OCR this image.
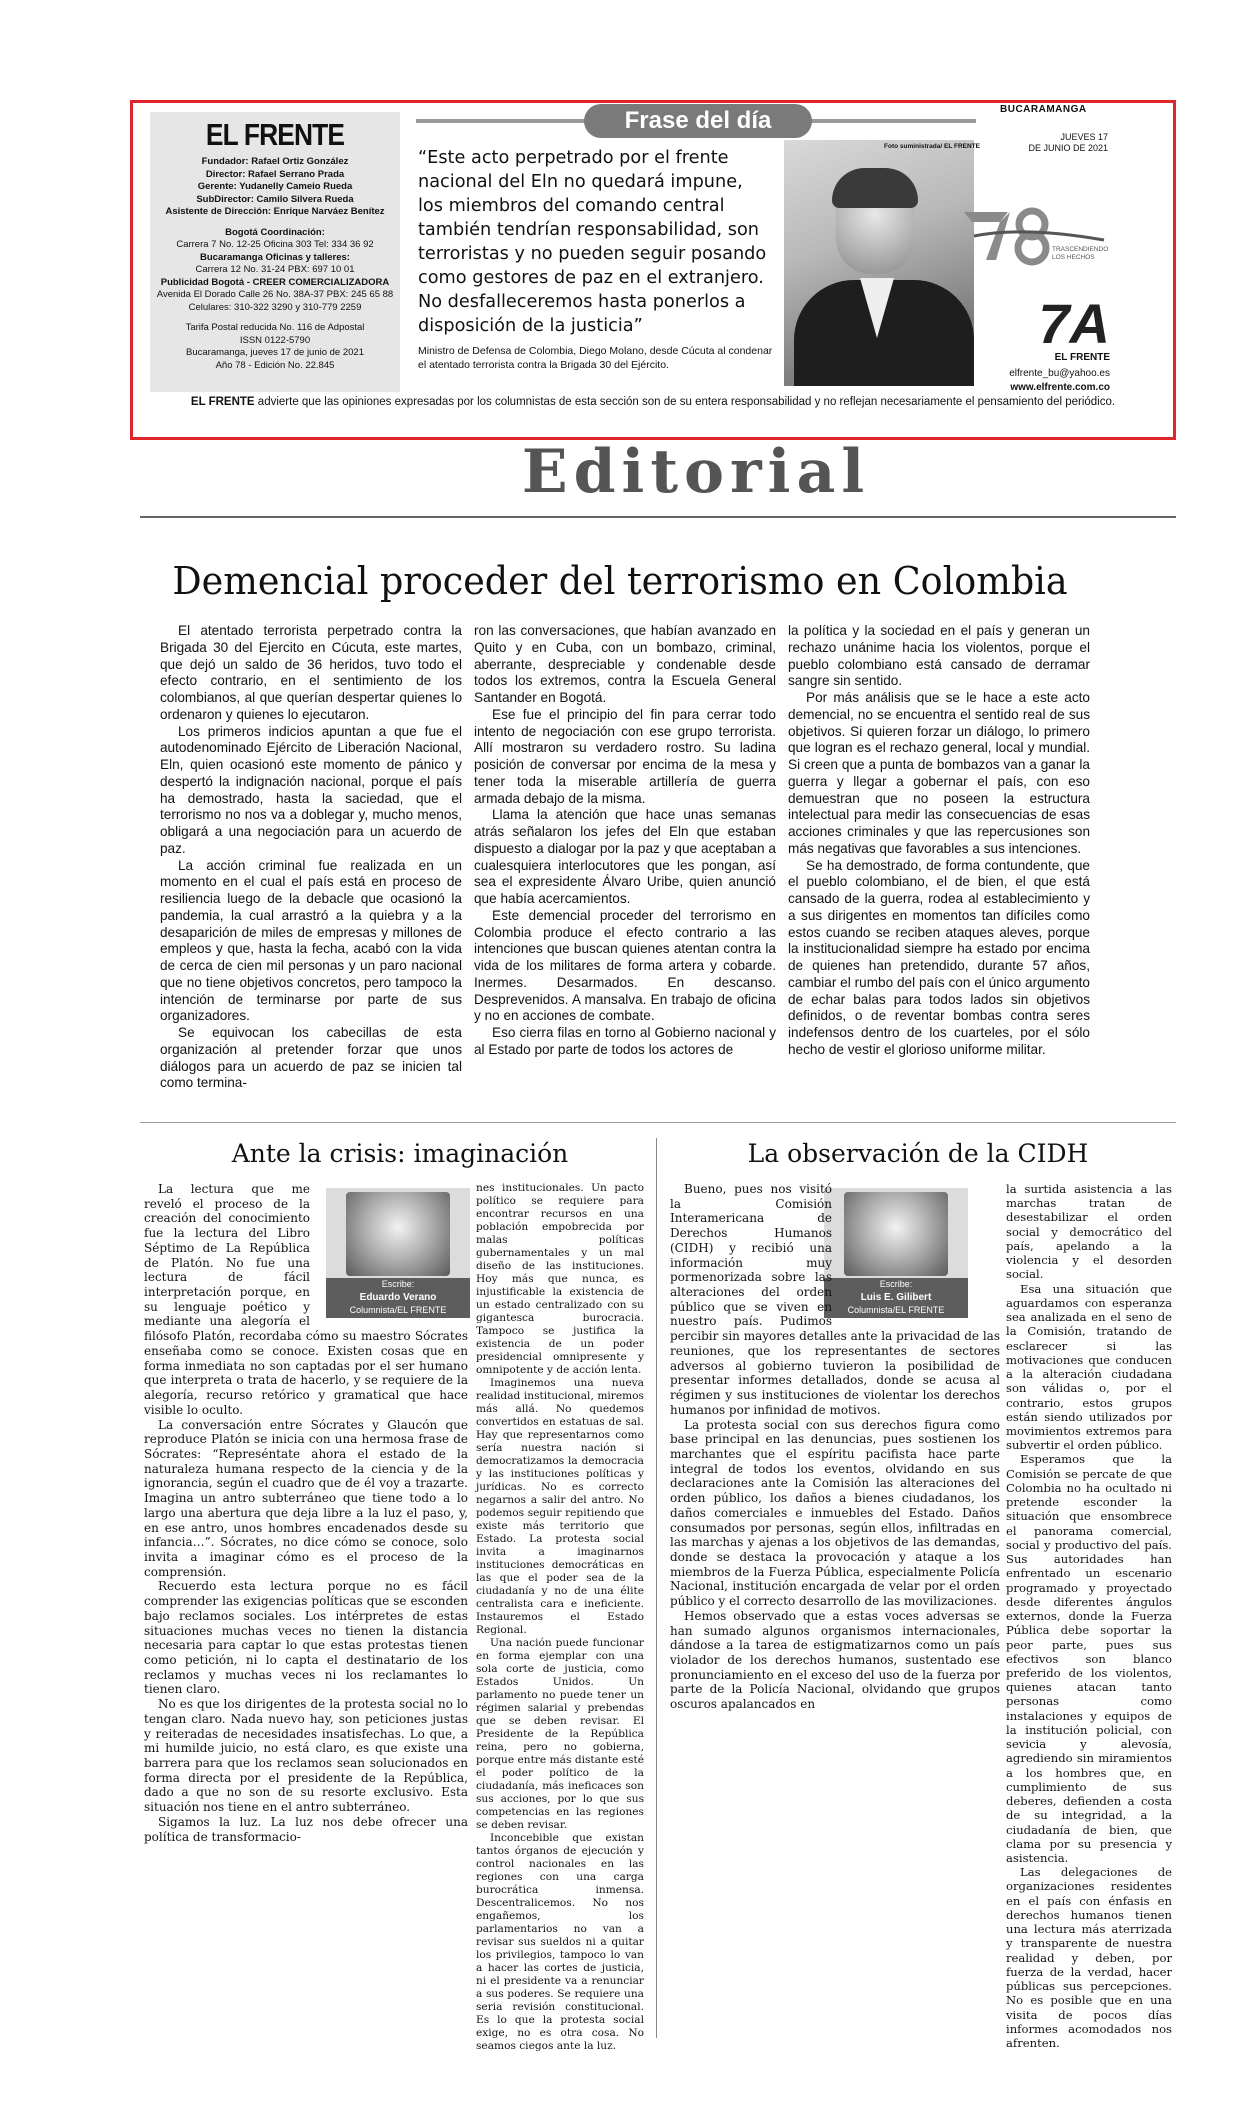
EL FRENTE
Fundador: Rafael Ortiz González
Director: Rafael Serrano Prada
Gerente: Yudanelly Cameio Rueda
SubDirector: Camilo Silvera Rueda
Asistente de Dirección: Enrique Narváez Benítez
Bogotá Coordinación:
Carrera 7 No. 12-25 Oficina 303 Tel: 334 36 92
Bucaramanga Oficinas y talleres:
Carrera 12 No. 31-24 PBX: 697 10 01
Publicidad Bogotá - CREER COMERCIALIZADORA
Avenida El Dorado Calle 26 No. 38A-37 PBX: 245 65 88
Celulares: 310-322 3290 y 310-779 2259
Tarifa Postal reducida No. 116 de Adpostal
ISSN 0122-5790
Bucaramanga, jueves 17 de junio de 2021
Año 78 - Edición No. 22.845
Frase del día
“Este acto perpetrado por el frente nacional del Eln no quedará impune, los miembros del comando central también tendrían responsabilidad, son terroristas y no pueden seguir posando como gestores de paz en el extranjero. No desfalleceremos hasta ponerlos a disposición de la justicia”
Ministro de Defensa de Colombia, Diego Molano, desde Cúcuta al condenar el atentado terrorista contra la Brigada 30 del Ejército.
Foto suministrada/ EL FRENTE
BUCARAMANGA
JUEVES 17
DE JUNIO DE 2021
TRASCENDIENDO LOS HECHOS
7A
EL FRENTE
elfrente_bu@yahoo.es
www.elfrente.com.co
EL FRENTE advierte que las opiniones expresadas por los columnistas de esta sección son de su entera responsabilidad y no reflejan necesariamente el pensamiento del periódico.
Editorial
Demencial proceder del terrorismo en Colombia

El atentado terrorista perpetrado contra la Brigada 30 del Ejercito en Cúcuta, este martes, que dejó un saldo de 36 heridos, tuvo todo el efecto contrario, en el sentimiento de los colombianos, al que querían despertar quienes lo ordenaron y quienes lo ejecutaron.

Los primeros indicios apuntan a que fue el autodenominado Ejército de Liberación Nacional, Eln, quien ocasionó este momento de pánico y despertó la indignación nacional, porque el país ha demostrado, hasta la saciedad, que el terrorismo no nos va a doblegar y, mucho menos, obligará a una negociación para un acuerdo de paz.

La acción criminal fue realizada en un momento en el cual el país está en proceso de resiliencia luego de la debacle que ocasionó la pandemia, la cual arrastró a la quiebra y a la desaparición de miles de empresas y millones de empleos y que, hasta la fecha, acabó con la vida de cerca de cien mil personas y un paro nacional que no tiene objetivos concretos, pero tampoco la intención de terminarse por parte de sus organizadores.

Se equivocan los cabecillas de esta organización al pretender forzar que unos diálogos para un acuerdo de paz se inicien tal como termina-

ron las conversaciones, que habían avanzado en Quito y en Cuba, con un bombazo, criminal, aberrante, despreciable y condenable desde todos los extremos, contra la Escuela General Santander en Bogotá.

Ese fue el principio del fin para cerrar todo intento de negociación con ese grupo terrorista. Allí mostraron su verdadero rostro. Su ladina posición de conversar por encima de la mesa y tener toda la miserable artillería de guerra armada debajo de la misma.

Llama la atención que hace unas semanas atrás señalaron los jefes del Eln que estaban dispuesto a dialogar por la paz y que aceptaban a cualesquiera interlocutores que les pongan, así sea el expresidente Álvaro Uribe, quien anunció que había acercamientos.

Este demencial proceder del terrorismo en Colombia produce el efecto contrario a las intenciones que buscan quienes atentan contra la vida de los militares de forma artera y cobarde. Inermes. Desarmados. En descanso. Desprevenidos. A mansalva. En trabajo de oficina y no en acciones de combate.

Eso cierra filas en torno al Gobierno nacional y al Estado por parte de todos los actores de

la política y la sociedad en el país y generan un rechazo unánime hacia los violentos, porque el pueblo colombiano está cansado de derramar sangre sin sentido.

Por más análisis que se le hace a este acto demencial, no se encuentra el sentido real de sus objetivos. Si quieren forzar un diálogo, lo primero que logran es el rechazo general, local y mundial. Si creen que a punta de bombazos van a ganar la guerra y llegar a gobernar el país, con eso demuestran que no poseen la estructura intelectual para medir las consecuencias de esas acciones criminales y que las repercusiones son más negativas que favorables a sus intenciones.

Se ha demostrado, de forma contundente, que el pueblo colombiano, el de bien, el que está cansado de la guerra, rodea al establecimiento y a sus dirigentes en momentos tan difíciles como estos cuando se reciben ataques aleves, porque la institucionalidad siempre ha estado por encima de quienes han pretendido, durante 57 años, cambiar el rumbo del país con el único argumento de echar balas para todos lados sin objetivos definidos, o de reventar bombas contra seres indefensos dentro de los cuarteles, por el sólo hecho de vestir el glorioso uniforme militar.

Ante la crisis: imaginación
Escribe:
Eduardo Verano
Columnista/EL FRENTE

La lectura que me reveló el proceso de la creación del conocimiento fue la lectura del Libro Séptimo de La República de Platón. No fue una lectura de fácil interpretación porque, en su lenguaje poético y mediante una alegoría el filósofo Platón, recordaba cómo su maestro Sócrates enseñaba como se conoce. Existen cosas que en forma inmediata no son captadas por el ser humano que interpreta o trata de hacerlo, y se requiere de la alegoría, recurso retórico y gramatical que hace visible lo oculto.

La conversación entre Sócrates y Glaucón que reproduce Platón se inicia con una hermosa frase de Sócrates: “Represéntate ahora el estado de la naturaleza humana respecto de la ciencia y de la ignorancia, según el cuadro que de él voy a trazarte. Imagina un antro subterráneo que tiene todo a lo largo una abertura que deja libre a la luz el paso, y, en ese antro, unos hombres encadenados desde su infancia…”. Sócrates, no dice cómo se conoce, solo invita a imaginar cómo es el proceso de la comprensión.

Recuerdo esta lectura porque no es fácil comprender las exigencias políticas que se esconden bajo reclamos sociales. Los intérpretes de estas situaciones muchas veces no tienen la distancia necesaria para captar lo que estas protestas tienen como petición, ni lo capta el destinatario de los reclamos y muchas veces ni los reclamantes lo tienen claro.

No es que los dirigentes de la protesta social no lo tengan claro. Nada nuevo hay, son peticiones justas y reiteradas de necesidades insatisfechas. Lo que, a mi humilde juicio, no está claro, es que existe una barrera para que los reclamos sean solucionados en forma directa por el presidente de la República, dado a que no son de su resorte exclusivo. Esta situación nos tiene en el antro subterráneo.

Sigamos la luz. La luz nos debe ofrecer una política de transformacio-

nes institucionales. Un pacto político se requiere para encontrar recursos en una población empobrecida por malas políticas gubernamentales y un mal diseño de las instituciones. Hoy más que nunca, es injustificable la existencia de un estado centralizado con su gigantesca burocracia. Tampoco se justifica la existencia de un poder presidencial omnipresente y omnipotente y de acción lenta.

Imaginemos una nueva realidad institucional, miremos más allá. No quedemos convertidos en estatuas de sal. Hay que representarnos como sería nuestra nación si democratizamos la democracia y las instituciones políticas y jurídicas. No es correcto negarnos a salir del antro. No podemos seguir repitiendo que existe más territorio que Estado. La protesta social invita a imaginarnos instituciones democráticas en las que el poder sea de la ciudadanía y no de una élite centralista cara e ineficiente. Instauremos el Estado Regional.

Una nación puede funcionar en forma ejemplar con una sola corte de justicia, como Estados Unidos. Un parlamento no puede tener un régimen salarial y prebendas que se deben revisar. El Presidente de la República reina, pero no gobierna, porque entre más distante esté el poder político de la ciudadanía, más ineficaces son sus acciones, por lo que sus competencias en las regiones se deben revisar.

Inconcebible que existan tantos órganos de ejecución y control nacionales en las regiones con una carga burocrática inmensa. Descentralicemos. No nos engañemos, los parlamentarios no van a revisar sus sueldos ni a quitar los privilegios, tampoco lo van a hacer las cortes de justicia, ni el presidente va a renunciar a sus poderes. Se requiere una seria revisión constitucional. Es lo que la protesta social exige, no es otra cosa. No seamos ciegos ante la luz.

La observación de la CIDH
Escribe:
Luis E. Gilibert
Columnista/EL FRENTE

Bueno, pues nos visitó la Comisión Interamericana de Derechos Humanos (CIDH) y recibió una información muy pormenorizada sobre las alteraciones del orden público que se viven en nuestro país. Pudimos percibir sin mayores detalles ante la privacidad de las reuniones, que los representantes de sectores adversos al gobierno tuvieron la posibilidad de presentar informes detallados, donde se acusa al régimen y sus instituciones de violentar los derechos humanos por infinidad de motivos.

La protesta social con sus derechos figura como base principal en las denuncias, pues sostienen los marchantes que el espíritu pacifista hace parte integral de todos los eventos, olvidando en sus declaraciones ante la Comisión las alteraciones del orden público, los daños a bienes ciudadanos, los daños comerciales e inmuebles del Estado. Daños consumados por personas, según ellos, infiltradas en las marchas y ajenas a los objetivos de las demandas, donde se destaca la provocación y ataque a los miembros de la Fuerza Pública, especialmente Policía Nacional, institución encargada de velar por el orden público y el correcto desarrollo de las movilizaciones.

Hemos observado que a estas voces adversas se han sumado algunos organismos internacionales, dándose a la tarea de estigmatizarnos como un país violador de los derechos humanos, sustentado ese pronunciamiento en el exceso del uso de la fuerza por parte de la Policía Nacional, olvidando que grupos oscuros apalancados en

la surtida asistencia a las marchas tratan de desestabilizar el orden social y democrático del país, apelando a la violencia y el desorden social.

Esa una situación que aguardamos con esperanza sea analizada en el seno de la Comisión, tratando de esclarecer si las motivaciones que conducen a la alteración ciudadana son válidas o, por el contrario, estos grupos están siendo utilizados por movimientos extremos para subvertir el orden público.

Esperamos que la Comisión se percate de que Colombia no ha ocultado ni pretende esconder la situación que ensombrece el panorama comercial, social y productivo del país. Sus autoridades han enfrentado un escenario programado y proyectado desde diferentes ángulos externos, donde la Fuerza Pública debe soportar la peor parte, pues sus efectivos son blanco preferido de los violentos, quienes atacan tanto personas como instalaciones y equipos de la institución policial, con sevicia y alevosía, agrediendo sin miramientos a los hombres que, en cumplimiento de sus deberes, defienden a costa de su integridad, a la ciudadanía de bien, que clama por su presencia y asistencia.

Las delegaciones de organizaciones residentes en el país con énfasis en derechos humanos tienen una lectura más aterrizada y transparente de nuestra realidad y deben, por fuerza de la verdad, hacer públicas sus percepciones. No es posible que en una visita de pocos días informes acomodados nos afrenten.
